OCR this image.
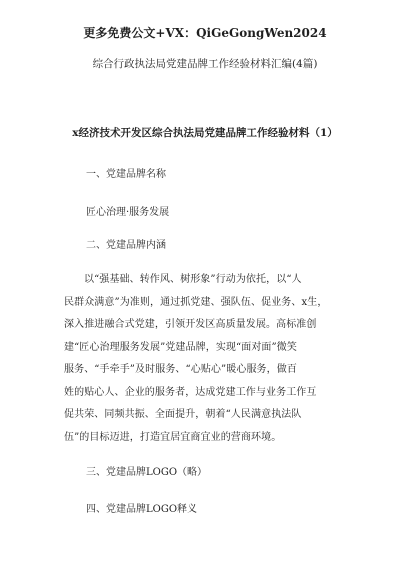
更多免费公文+VX：QiGeGongWen2024
综合行政执法局党建品牌工作经验材料汇编(4篇)
x经济技术开发区综合执法局党建品牌工作经验材料（1）
一、党建品牌名称
匠心治理·服务发展
二、党建品牌内涵
以“强基础、转作风、树形象”行动为依托，以“人
民群众满意”为准则，通过抓党建、强队伍、促业务、x生，
深入推进融合式党建，引领开发区高质量发展。高标准创
建“匠心治理服务发展”党建品牌，实现“面对面”微笑
服务、“手牵手”及时服务、“心贴心”暖心服务，做百
姓的贴心人、企业的服务者，达成党建工作与业务工作互
促共荣、同频共振、全面提升，朝着“人民满意执法队
伍”的目标迈进，打造宜居宜商宜业的营商环境。
三、党建品牌LOGO（略）
四、党建品牌LOGO释义
